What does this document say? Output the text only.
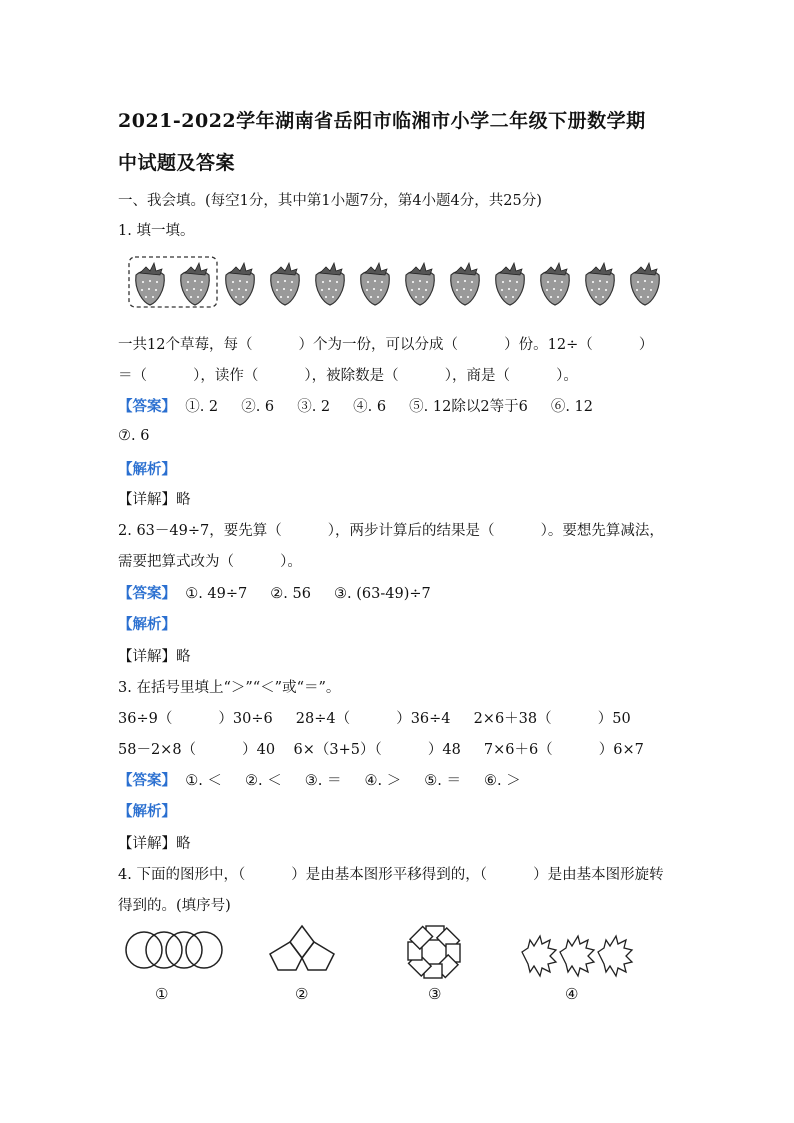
2021-2022学年湖南省岳阳市临湘市小学二年级下册数学期
中试题及答案
一、我会填。(每空1分，其中第1小题7分，第4小题4分，共25分)
1. 填一填。
一共12个草莓，每（          ）个为一份，可以分成（          ）份。12÷（          ）
＝（          ），读作（          ），被除数是（          ），商是（          ）。
【答案】  ①. 2     ②. 6     ③. 2     ④. 6     ⑤. 12除以2等于6     ⑥. 12
⑦. 6
【解析】
【详解】略
2. 63－49÷7，要先算（          ），两步计算后的结果是（          ）。要想先算减法，
需要把算式改为（          ）。
【答案】  ①. 49÷7     ②. 56     ③. (63-49)÷7
【解析】
【详解】略
3. 在括号里填上“＞”“＜”或“＝”。
36÷9（          ）30÷6     28÷4（          ）36÷4     2×6＋38（          ）50
58－2×8（          ）40    6×（3+5）（          ）48     7×6＋6（          ）6×7
【答案】  ①. ＜     ②. ＜     ③. ＝     ④. ＞     ⑤. ＝     ⑥. ＞
【解析】
【详解】略
4. 下面的图形中，（          ）是由基本图形平移得到的，（          ）是由基本图形旋转
得到的。(填序号)
①	②	③	④
